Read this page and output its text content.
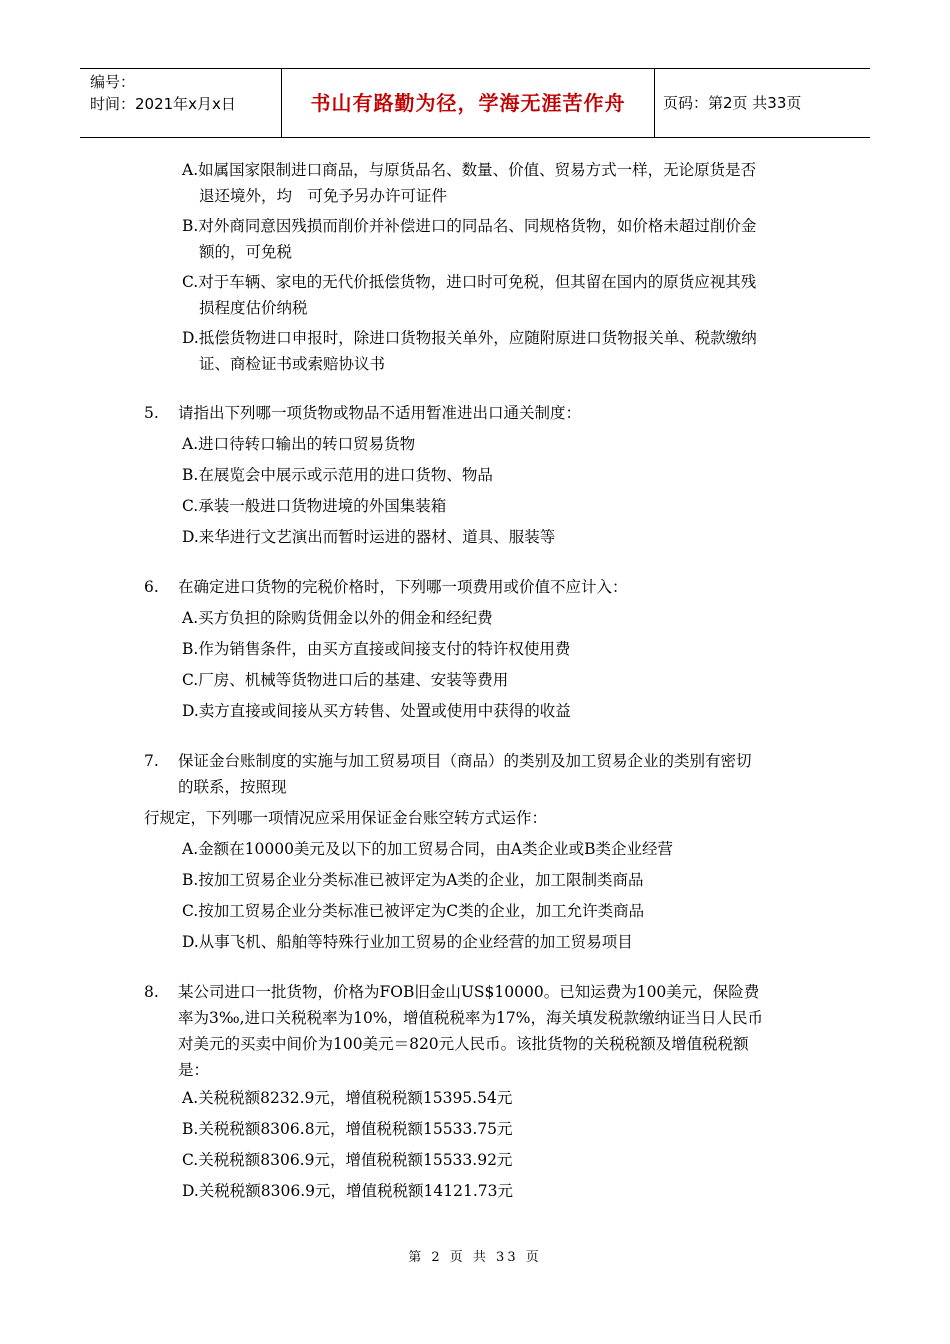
编号：
时间：2021年x月x日	书山有路勤为径，学海无涯苦作舟	页码：第2页 共33页
A.如属国家限制进口商品，与原货品名、数量、价值、贸易方式一样，无论原货是否
退还境外，均　可免予另办许可证件
B.对外商同意因残损而削价并补偿进口的同品名、同规格货物，如价格未超过削价金
额的，可免税
C.对于车辆、家电的无代价抵偿货物，进口时可免税，但其留在国内的原货应视其残
损程度估价纳税
D.抵偿货物进口申报时，除进口货物报关单外，应随附原进口货物报关单、税款缴纳
证、商检证书或索赔协议书
5. 请指出下列哪一项货物或物品不适用暂准进出口通关制度：
A.进口待转口输出的转口贸易货物
B.在展览会中展示或示范用的进口货物、物品
C.承装一般进口货物进境的外国集装箱
D.来华进行文艺演出而暂时运进的器材、道具、服装等
6. 在确定进口货物的完税价格时，下列哪一项费用或价值不应计入：
A.买方负担的除购货佣金以外的佣金和经纪费
B.作为销售条件，由买方直接或间接支付的特许权使用费
C.厂房、机械等货物进口后的基建、安装等费用
D.卖方直接或间接从买方转售、处置或使用中获得的收益
7. 保证金台账制度的实施与加工贸易项目（商品）的类别及加工贸易企业的类别有密切
的联系，按照现
行规定，下列哪一项情况应采用保证金台账空转方式运作：
A.金额在10000美元及以下的加工贸易合同，由A类企业或B类企业经营
B.按加工贸易企业分类标准已被评定为A类的企业，加工限制类商品
C.按加工贸易企业分类标准已被评定为C类的企业，加工允许类商品
D.从事飞机、船舶等特殊行业加工贸易的企业经营的加工贸易项目
8. 某公司进口一批货物，价格为FOB旧金山US$10000。已知运费为100美元，保险费
率为3‰,进口关税税率为10%，增值税税率为17%，海关填发税款缴纳证当日人民币
对美元的买卖中间价为100美元＝820元人民币。该批货物的关税税额及增值税税额
是：
A.关税税额8232.9元，增值税税额15395.54元
B.关税税额8306.8元，增值税税额15533.75元
C.关税税额8306.9元，增值税税额15533.92元
D.关税税额8306.9元，增值税税额14121.73元
第 2 页 共 33 页
